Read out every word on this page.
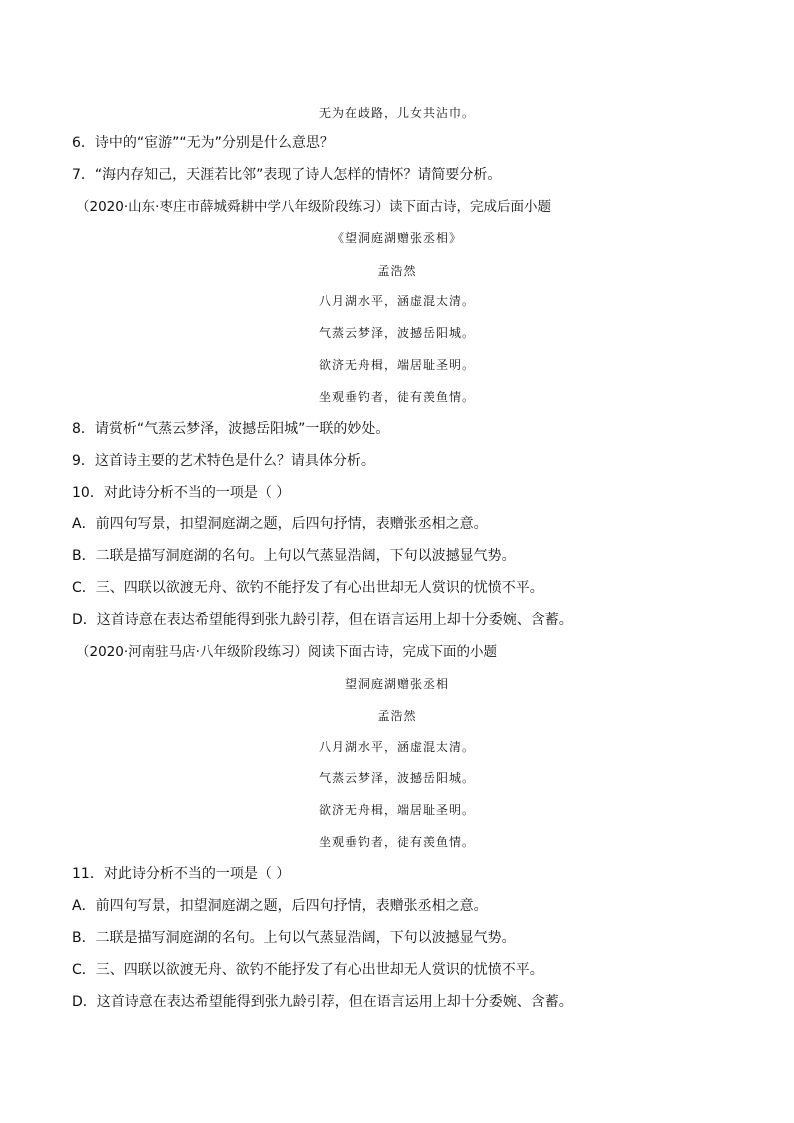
无为在歧路，儿女共沾巾。
6．诗中的“宦游”“无为”分别是什么意思？
7．“海内存知己，天涯若比邻”表现了诗人怎样的情怀？请简要分析。
（2020·山东·枣庄市薛城舜耕中学八年级阶段练习）读下面古诗，完成后面小题
《望洞庭湖赠张丞相》
孟浩然
八月湖水平，涵虚混太清。
气蒸云梦泽，波撼岳阳城。
欲济无舟楫，端居耻圣明。
坐观垂钓者，徒有羡鱼情。
8．请赏析“气蒸云梦泽，波撼岳阳城”一联的妙处。
9．这首诗主要的艺术特色是什么？请具体分析。
10．对此诗分析不当的一项是（ ）
A．前四句写景，扣望洞庭湖之题，后四句抒情，表赠张丞相之意。
B．二联是描写洞庭湖的名句。上句以气蒸显浩阔，下句以波撼显气势。
C．三、四联以欲渡无舟、欲钓不能抒发了有心出世却无人赏识的忧愤不平。
D．这首诗意在表达希望能得到张九龄引荐，但在语言运用上却十分委婉、含蓄。
（2020·河南驻马店·八年级阶段练习）阅读下面古诗，完成下面的小题
望洞庭湖赠张丞相
孟浩然
八月湖水平，涵虚混太清。
气蒸云梦泽，波撼岳阳城。
欲济无舟楫，端居耻圣明。
坐观垂钓者，徒有羡鱼情。
11．对此诗分析不当的一项是（ ）
A．前四句写景，扣望洞庭湖之题，后四句抒情，表赠张丞相之意。
B．二联是描写洞庭湖的名句。上句以气蒸显浩阔，下句以波撼显气势。
C．三、四联以欲渡无舟、欲钓不能抒发了有心出世却无人赏识的忧愤不平。
D．这首诗意在表达希望能得到张九龄引荐，但在语言运用上却十分委婉、含蓄。
